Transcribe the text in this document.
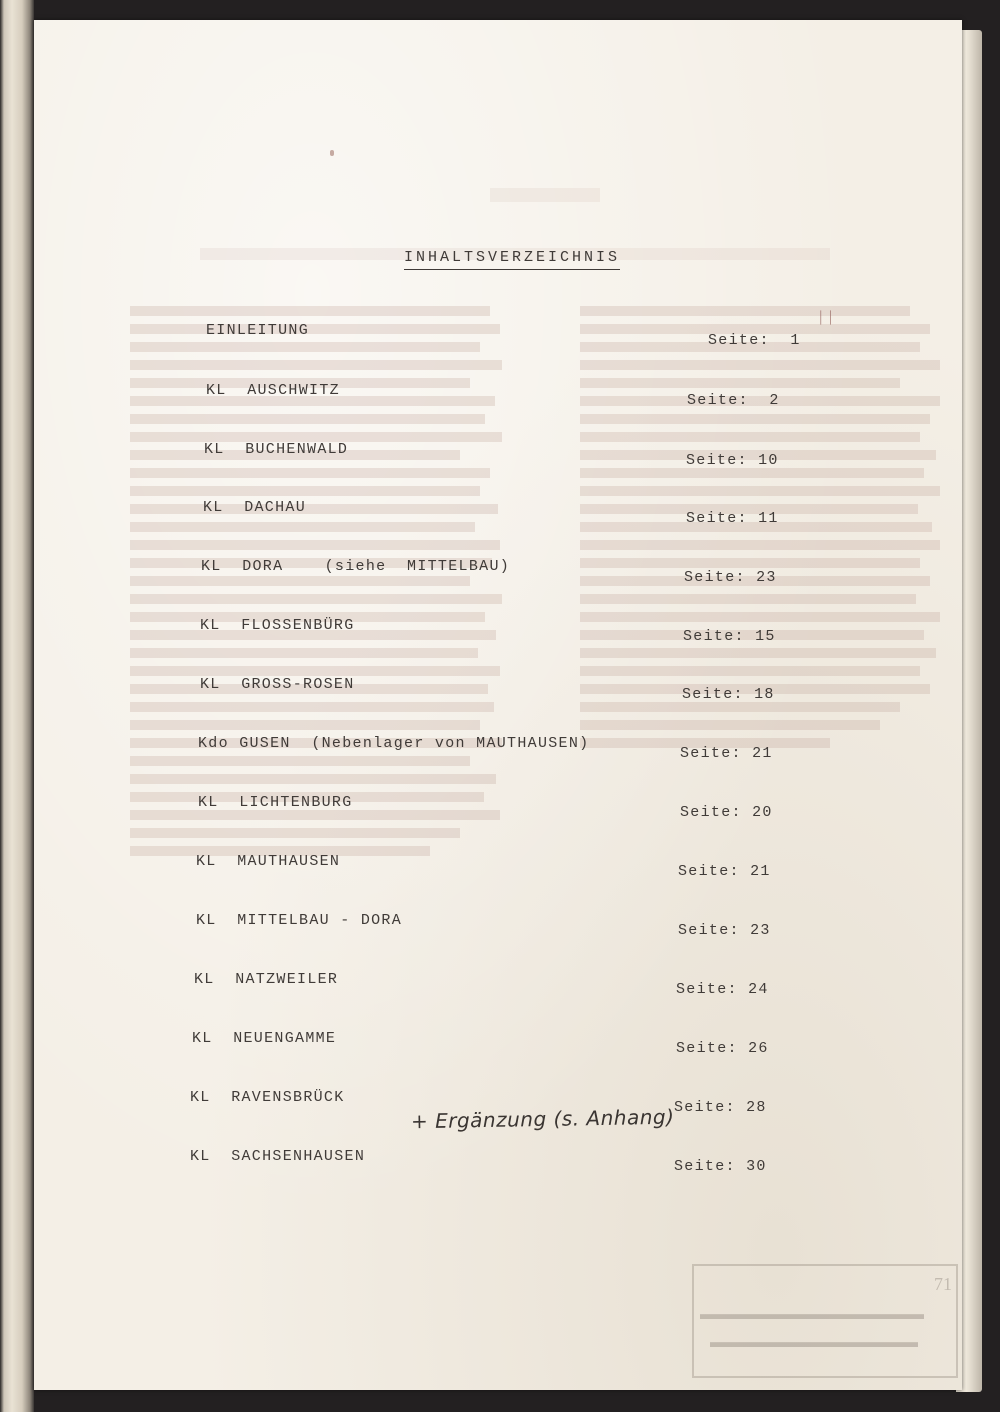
INHALTSVERZEICHNIS
EINLEITUNG
Seite:  1
KL  AUSCHWITZ
Seite:  2
KL  BUCHENWALD
Seite: 10
KL  DACHAU
Seite: 11
KL  DORA    (siehe  MITTELBAU)
Seite: 23
KL  FLOSSENBÜRG
Seite: 15
KL  GROSS-ROSEN
Seite: 18
Kdo GUSEN  (Nebenlager von MAUTHAUSEN)
Seite: 21
KL  LICHTENBURG
Seite: 20
KL  MAUTHAUSEN
Seite: 21
KL  MITTELBAU - DORA
Seite: 23
KL  NATZWEILER
Seite: 24
KL  NEUENGAMME
Seite: 26
KL  RAVENSBRÜCK
Seite: 28
+ Ergänzung (s. Anhang)
KL  SACHSENHAUSEN
Seite: 30
ᛁᛁ
71
▬▬▬▬▬▬▬▬▬▬▬▬▬▬
▬▬▬▬▬▬▬▬▬▬▬▬▬
